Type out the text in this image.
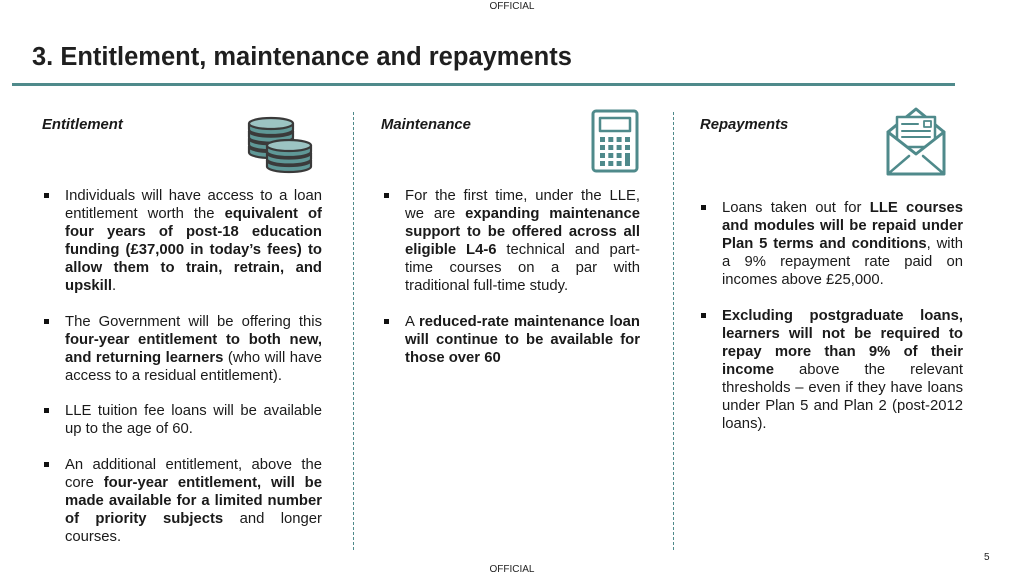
OFFICIAL

3. Entitlement, maintenance and repayments
Entitlement
Individuals will have access to a loan entitlement worth the equivalent of four years of post-18 education funding (£37,000 in today’s fees) to allow them to train, retrain, and upskill.
The Government will be offering this four-year entitlement to both new, and returning learners (who will have access to a residual entitlement).
LLE tuition fee loans will be available up to the age of 60.
An additional entitlement, above the core four-year entitlement, will be made available for a limited number of priority subjects and longer courses.
Maintenance
For the first time, under the LLE, we are expanding maintenance support to be offered across all eligible L4-6 technical and part-time courses on a par with traditional full-time study.
A reduced-rate maintenance loan will continue to be available for those over 60
Repayments
Loans taken out for LLE courses and modules will be repaid under Plan 5 terms and conditions, with a 9% repayment rate paid on incomes above £25,000.
Excluding postgraduate loans, learners will not be required to repay more than 9% of their income above the relevant thresholds – even if they have loans under Plan 5 and Plan 2 (post-2012 loans).

5

OFFICIAL
